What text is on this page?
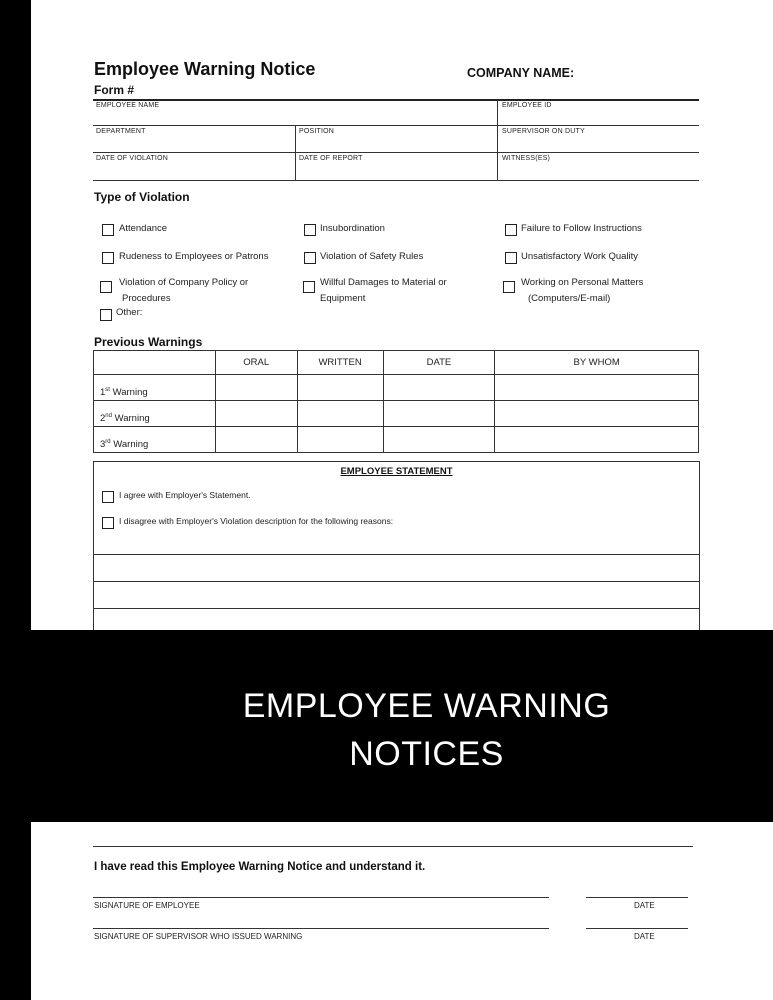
Employee Warning Notice	COMPANY NAME:
Form #
EMPLOYEE NAME	EMPLOYEE ID
DEPARTMENT	POSITION	SUPERVISOR ON DUTY
DATE OF VIOLATION	DATE OF REPORT	WITNESS(ES)
Type of Violation
Attendance	Insubordination	Failure to Follow Instructions
Rudeness to Employees or Patrons	Violation of Safety Rules	Unsatisfactory Work Quality
Violation of Company Policy or
Procedures
Willful Damages to Material or
Equipment
Working on Personal Matters
(Computers/E-mail)
Other:
Previous Warnings
	ORAL	WRITTEN	DATE	BY WHOM
1st Warning				
2nd Warning				
3rd Warning				
EMPLOYEE STATEMENT
I agree with Employer's Statement.
I disagree with Employer's Violation description for the following reasons:
EMPLOYEE WARNING
NOTICES
I have read this Employee Warning Notice and understand it.
SIGNATURE OF EMPLOYEE	DATE
SIGNATURE OF SUPERVISOR WHO ISSUED WARNING	DATE
